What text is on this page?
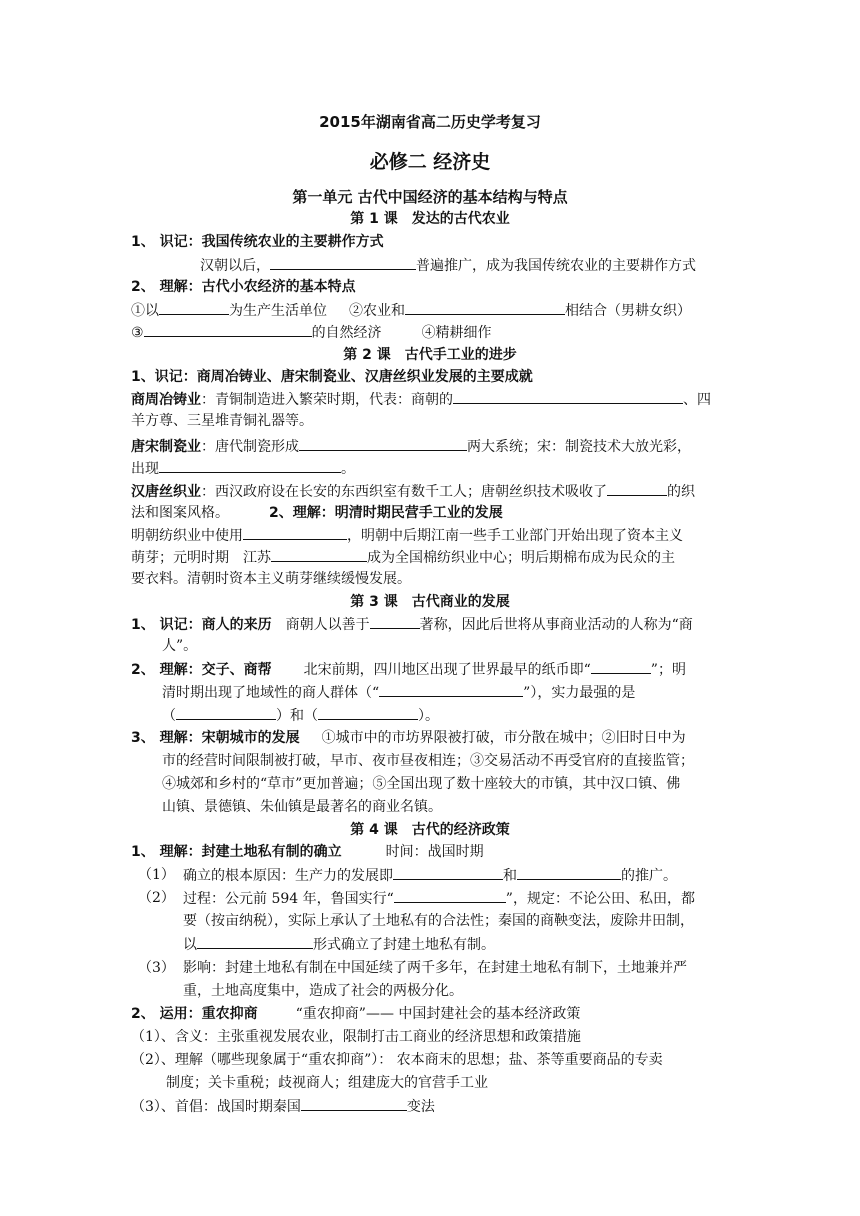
2015年湖南省高二历史学考复习
必修二 经济史
第一单元 古代中国经济的基本结构与特点
第 1 课　发达的古代农业
1、 识记：我国传统农业的主要耕作方式
汉朝以后，	普遍推广，成为我国传统农业的主要耕作方式
2、 理解：古代小农经济的基本特点
①以	为生产生活单位 ②农业和	相结合（男耕女织）
③	的自然经济	④精耕细作
第 2 课　古代手工业的进步
1、识记：商周冶铸业、唐宋制瓷业、汉唐丝织业发展的主要成就
商周冶铸业：青铜制造进入繁荣时期，代表：商朝的	、四
羊方尊、三星堆青铜礼器等。
唐宋制瓷业：唐代制瓷形成	两大系统；宋：制瓷技术大放光彩，
出现	。
汉唐丝织业：西汉政府设在长安的东西织室有数千工人；唐朝丝织技术吸收了	的织
法和图案风格。	2、理解：明清时期民营手工业的发展
明朝纺织业中使用	，明朝中后期江南一些手工业部门开始出现了资本主义
萌芽；元明时期　江苏	成为全国棉纺织业中心；明后期棉布成为民众的主
要衣料。清朝时资本主义萌芽继续缓慢发展。
第 3 课　古代商业的发展
1、 识记：商人的来历 商朝人以善于	著称，因此后世将从事商业活动的人称为“商
人”。
2、 理解：交子、商帮 北宋前期，四川地区出现了世界最早的纸币即“	”；明
清时期出现了地域性的商人群体（“	”），实力最强的是
（	）和（	）。
3、 理解：宋朝城市的发展 ①城市中的市坊界限被打破，市分散在城中；②旧时日中为
市的经营时间限制被打破，早市、夜市昼夜相连；③交易活动不再受官府的直接监管；
④城郊和乡村的“草市”更加普遍；⑤全国出现了数十座较大的市镇，其中汉口镇、佛
山镇、景德镇、朱仙镇是最著名的商业名镇。
第 4 课　古代的经济政策
1、 理解：封建土地私有制的确立	时间：战国时期
（1） 确立的根本原因：生产力的发展即	和	的推广。
（2） 过程：公元前 594 年，鲁国实行“	”，规定：不论公田、私田，都
要（按亩纳税），实际上承认了土地私有的合法性；秦国的商鞅变法，废除井田制，
以	形式确立了封建土地私有制。
（3） 影响：封建土地私有制在中国延续了两千多年，在封建土地私有制下，土地兼并严
重，土地高度集中，造成了社会的两极分化。
2、 运用：重农抑商	“重农抑商”—— 中国封建社会的基本经济政策
（1）、含义：主张重视发展农业，限制打击工商业的经济思想和政策措施
（2）、理解（哪些现象属于“重农抑商”）： 农本商末的思想；盐、茶等重要商品的专卖
制度；关卡重税；歧视商人；组建庞大的官营手工业
（3）、首倡：战国时期秦国	变法
